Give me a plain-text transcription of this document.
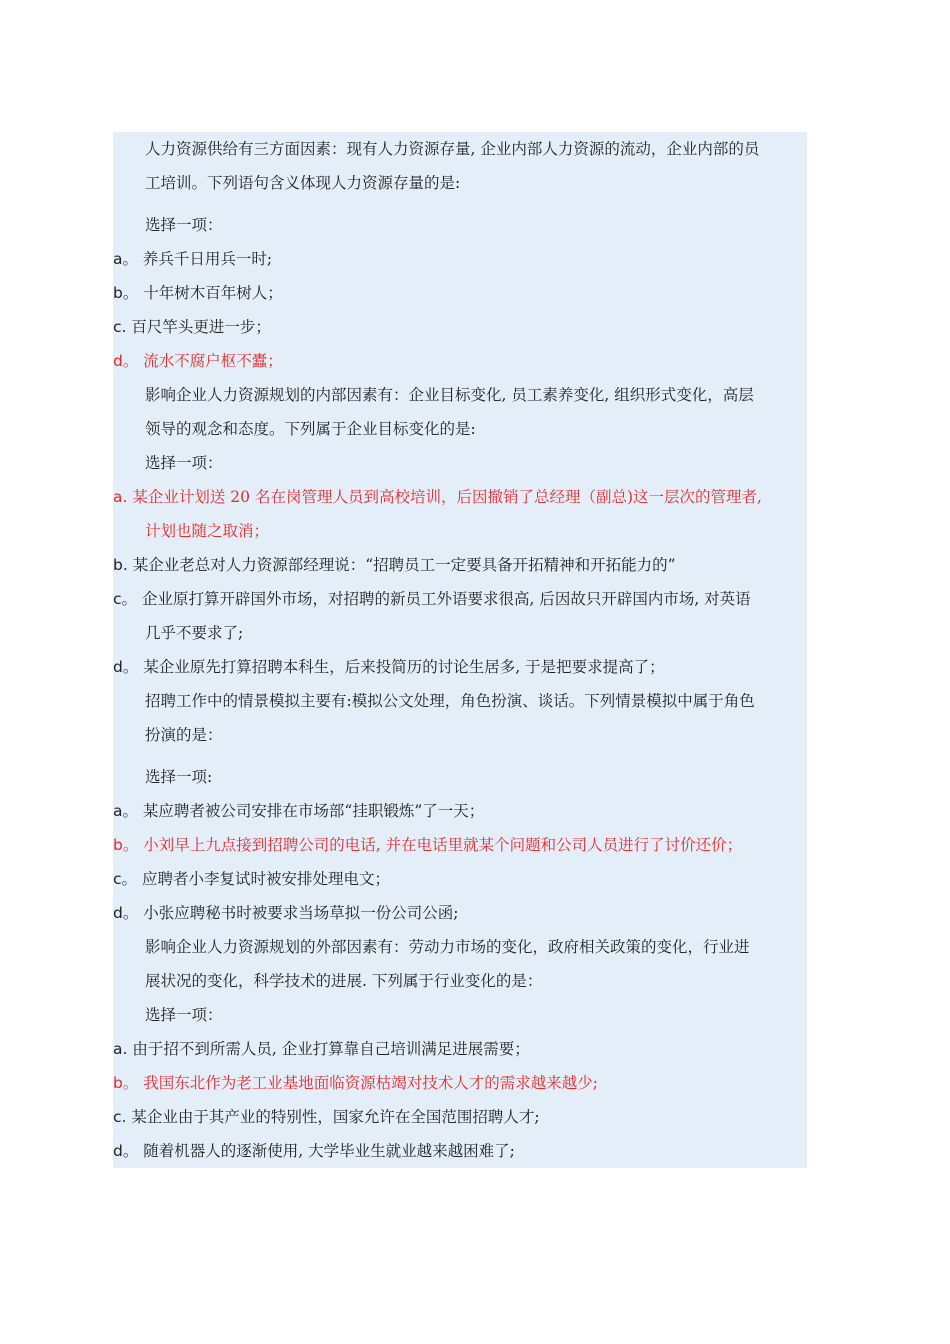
人力资源供给有三方面因素：现有人力资源存量, 企业内部人力资源的流动，企业内部的员
工培训。下列语句含义体现人力资源存量的是:
选择一项：
a。 养兵千日用兵一时;
b。 十年树木百年树人；
c. 百尺竿头更进一步；
d。 流水不腐户枢不蠹；
影响企业人力资源规划的内部因素有：企业目标变化, 员工素养变化, 组织形式变化，高层
领导的观念和态度。下列属于企业目标变化的是:
选择一项：
a. 某企业计划送 20 名在岗管理人员到高校培训，后因撤销了总经理（副总)这一层次的管理者,
计划也随之取消；
b. 某企业老总对人力资源部经理说：“招聘员工一定要具备开拓精神和开拓能力的”
c。 企业原打算开辟国外市场，对招聘的新员工外语要求很高, 后因故只开辟国内市场, 对英语
几乎不要求了;
d。 某企业原先打算招聘本科生，后来投简历的讨论生居多, 于是把要求提高了；
招聘工作中的情景模拟主要有:模拟公文处理，角色扮演、谈话。下列情景模拟中属于角色
扮演的是：
选择一项:
a。 某应聘者被公司安排在市场部“挂职锻炼”了一天；
b。 小刘早上九点接到招聘公司的电话, 并在电话里就某个问题和公司人员进行了讨价还价；
c。 应聘者小李复试时被安排处理电文；
d。 小张应聘秘书时被要求当场草拟一份公司公函;
影响企业人力资源规划的外部因素有：劳动力市场的变化，政府相关政策的变化，行业进
展状况的变化，科学技术的进展. 下列属于行业变化的是：
选择一项：
a. 由于招不到所需人员, 企业打算靠自己培训满足进展需要；
b。 我国东北作为老工业基地面临资源枯竭对技术人才的需求越来越少;
c. 某企业由于其产业的特别性，国家允许在全国范围招聘人才;
d。 随着机器人的逐渐使用, 大学毕业生就业越来越困难了;
